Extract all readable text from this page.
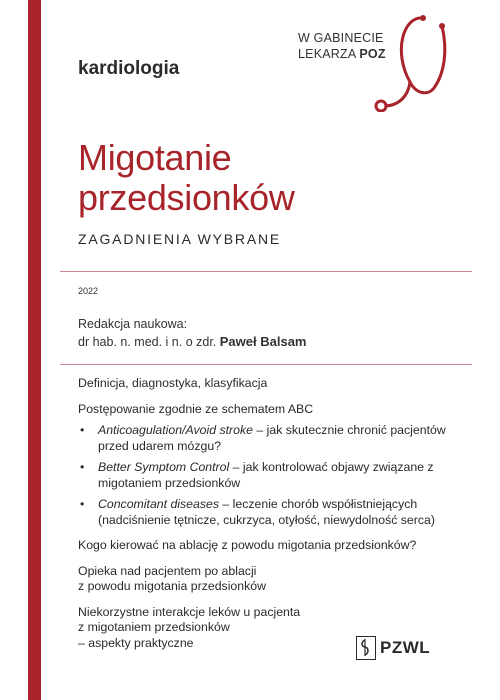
W GABINECIE
LEKARZA POZ
kardiologia
Migotanie
przedsionków
ZAGADNIENIA WYBRANE
2022
Redakcja naukowa:
dr hab. n. med. i n. o zdr. Paweł Balsam

Definicja, diagnostyka, klasyfikacja

Postępowanie zgodnie ze schematem ABC

• Anticoagulation/Avoid stroke – jak skutecznie chronić pacjentów przed udarem mózgu?
• Better Symptom Control – jak kontrolować objawy związane z migotaniem przedsionków
• Concomitant diseases – leczenie chorób współistniejących (nadciśnienie tętnicze, cukrzyca, otyłość, niewydolność serca)

Kogo kierować na ablację z powodu migotania przedsionków?

Opieka nad pacjentem po ablacji

z powodu migotania przedsionków

Niekorzystne interakcje leków u pacjenta

z migotaniem przedsionków

– aspekty praktyczne	PZWL
